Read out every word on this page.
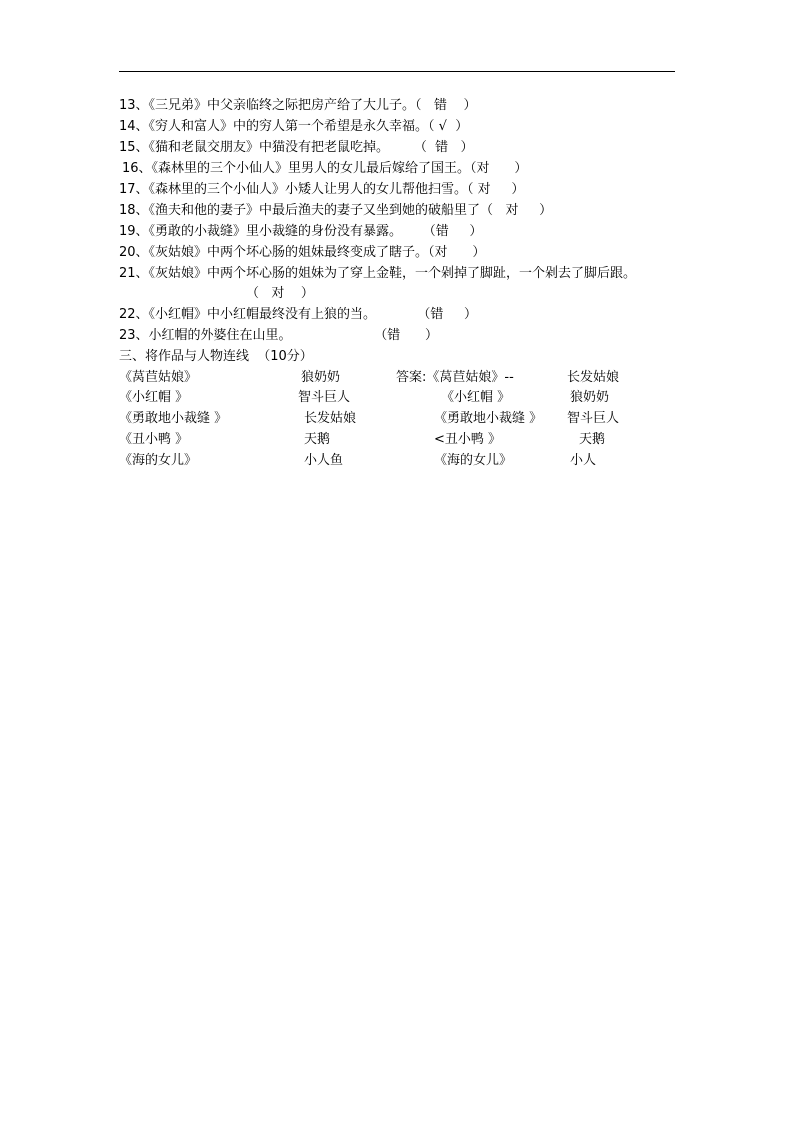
13、《三兄弟》中父亲临终之际把房产给了大儿子。（   错    ）
14、《穷人和富人》中的穷人第一个希望是永久幸福。（ √  ）
15、《猫和老鼠交朋友》中猫没有把老鼠吃掉。      （  错   ）
16、《森林里的三个小仙人》里男人的女儿最后嫁给了国王。（对      ）
17、《森林里的三个小仙人》小矮人让男人的女儿帮他扫雪。（ 对     ）
18、《渔夫和他的妻子》中最后渔夫的妻子又坐到她的破船里了（   对     ）
19、《勇敢的小裁缝》里小裁缝的身份没有暴露。     （错     ）
20、《灰姑娘》中两个坏心肠的姐妹最终变成了瞎子。（对      ）
21、《灰姑娘》中两个坏心肠的姐妹为了穿上金鞋，一个剁掉了脚趾，一个剁去了脚后跟。
（   对    ）
22、《小红帽》中小红帽最终没有上狼的当。          （错     ）
23、小红帽的外婆住在山里。                    （错      ）
三、将作品与人物连线  （10分）
《莴苣姑娘》
《小红帽 》
《勇敢地小裁缝 》
《丑小鸭 》
《海的女儿》
狼奶奶
智斗巨人
长发姑娘
天鹅
小人鱼
答案:《莴苣姑娘》--
《小红帽 》
《勇敢地小裁缝 》
<丑小鸭 》
《海的女儿》
长发姑娘
狼奶奶
智斗巨人
天鹅
小人
